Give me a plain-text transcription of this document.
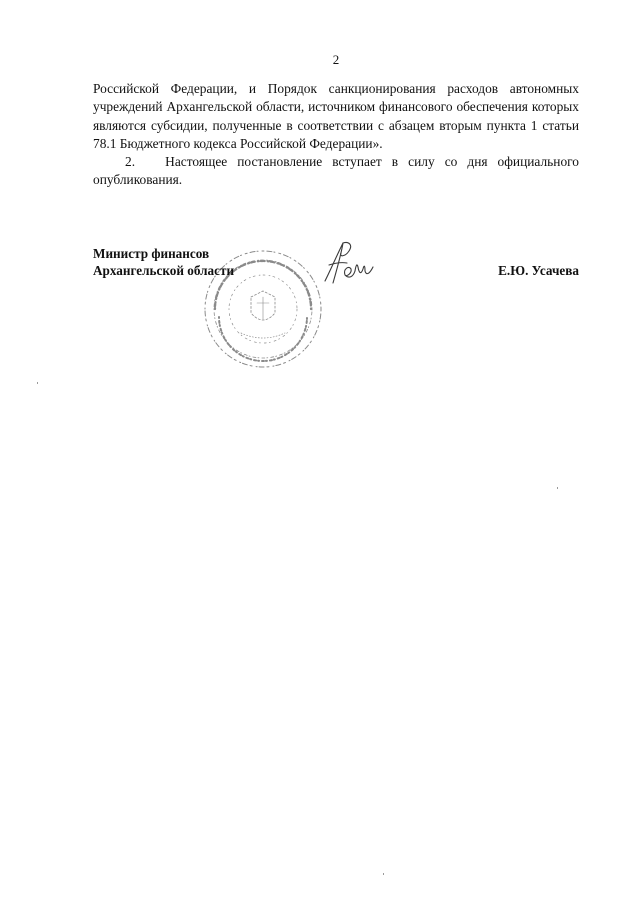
2

Российской Федерации, и Порядок санкционирования расходов автономных учреждений Архангельской области, источником финансового обеспечения которых являются субсидии, полученные в соответствии с абзацем вторым пункта 1 статьи 78.1 Бюджетного кодекса Российской Федерации».

2.   Настоящее постановление вступает в силу со дня официального опубликования.

Министр финансов
Архангельской области	Е.Ю. Усачева
